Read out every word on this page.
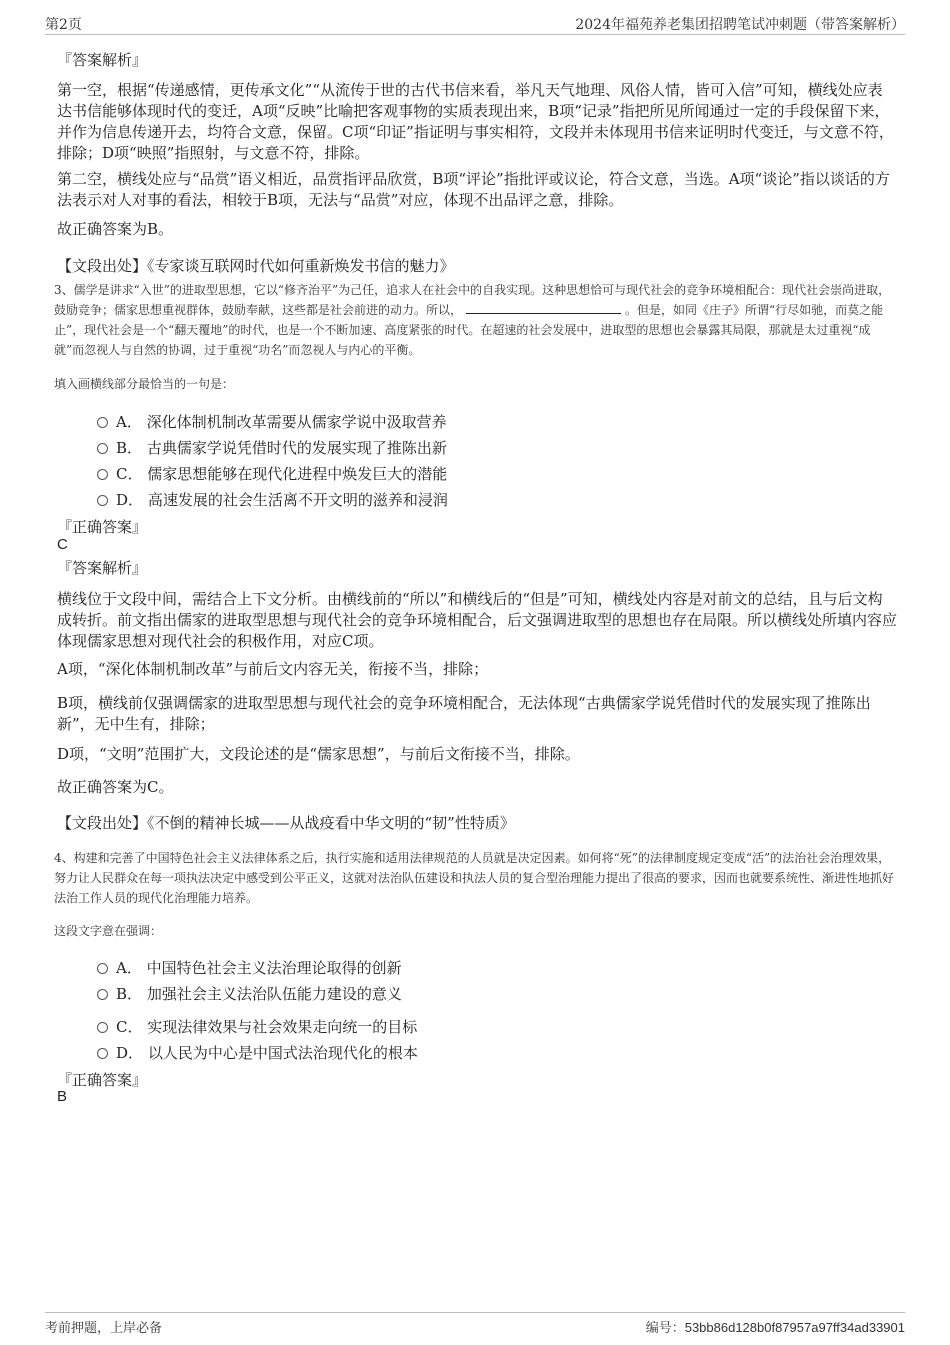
第2页	2024年福苑养老集团招聘笔试冲刺题（带答案解析）
『答案解析』
第一空，根据“传递感情，更传承文化”“从流传于世的古代书信来看，举凡天气地理、风俗人情，皆可入信”可知，横线处应表达书信能够体现时代的变迁，A项“反映”比喻把客观事物的实质表现出来，B项“记录”指把所见所闻通过一定的手段保留下来，并作为信息传递开去，均符合文意，保留。C项“印证”指证明与事实相符，文段并未体现用书信来证明时代变迁，与文意不符，排除；D项“映照”指照射，与文意不符，排除。
第二空，横线处应与“品赏”语义相近，品赏指评品欣赏，B项“评论”指批评或议论，符合文意，当选。A项“谈论”指以谈话的方法表示对人对事的看法，相较于B项，无法与“品赏”对应，体现不出品评之意，排除。
故正确答案为B。
【文段出处】《专家谈互联网时代如何重新焕发书信的魅力》
3、儒学是讲求“入世”的进取型思想，它以“修齐治平”为己任，追求人在社会中的自我实现。这种思想恰可与现代社会的竞争环境相配合：现代社会崇尚进取，鼓励竞争；儒家思想重视群体，鼓励奉献，这些都是社会前进的动力。所以，	。但是，如同《庄子》所谓“行尽如驰，而莫之能止”，现代社会是一个“翻天覆地”的时代，也是一个不断加速、高度紧张的时代。在超速的社会发展中，进取型的思想也会暴露其局限，那就是太过重视“成就”而忽视人与自然的协调，过于重视“功名”而忽视人与内心的平衡。
填入画横线部分最恰当的一句是：
A． 深化体制机制改革需要从儒家学说中汲取营养
B． 古典儒家学说凭借时代的发展实现了推陈出新
C． 儒家思想能够在现代化进程中焕发巨大的潜能
D． 高速发展的社会生活离不开文明的滋养和浸润
『正确答案』
C
『答案解析』
横线位于文段中间，需结合上下文分析。由横线前的“所以”和横线后的“但是”可知，横线处内容是对前文的总结，且与后文构成转折。前文指出儒家的进取型思想与现代社会的竞争环境相配合，后文强调进取型的思想也存在局限。所以横线处所填内容应体现儒家思想对现代社会的积极作用，对应C项。
A项，“深化体制机制改革”与前后文内容无关，衔接不当，排除；
B项，横线前仅强调儒家的进取型思想与现代社会的竞争环境相配合，无法体现“古典儒家学说凭借时代的发展实现了推陈出新”，无中生有，排除；
D项，“文明”范围扩大，文段论述的是“儒家思想”，与前后文衔接不当，排除。
故正确答案为C。
【文段出处】《不倒的精神长城——从战疫看中华文明的“韧”性特质》
4、构建和完善了中国特色社会主义法律体系之后，执行实施和适用法律规范的人员就是决定因素。如何将“死”的法律制度规定变成“活”的法治社会治理效果，努力让人民群众在每一项执法决定中感受到公平正义，这就对法治队伍建设和执法人员的复合型治理能力提出了很高的要求，因而也就要系统性、渐进性地抓好法治工作人员的现代化治理能力培养。
这段文字意在强调：
A． 中国特色社会主义法治理论取得的创新
B． 加强社会主义法治队伍能力建设的意义
C． 实现法律效果与社会效果走向统一的目标
D． 以人民为中心是中国式法治现代化的根本
『正确答案』
B
考前押题，上岸必备	编号：53bb86d128b0f87957a97ff34ad33901
